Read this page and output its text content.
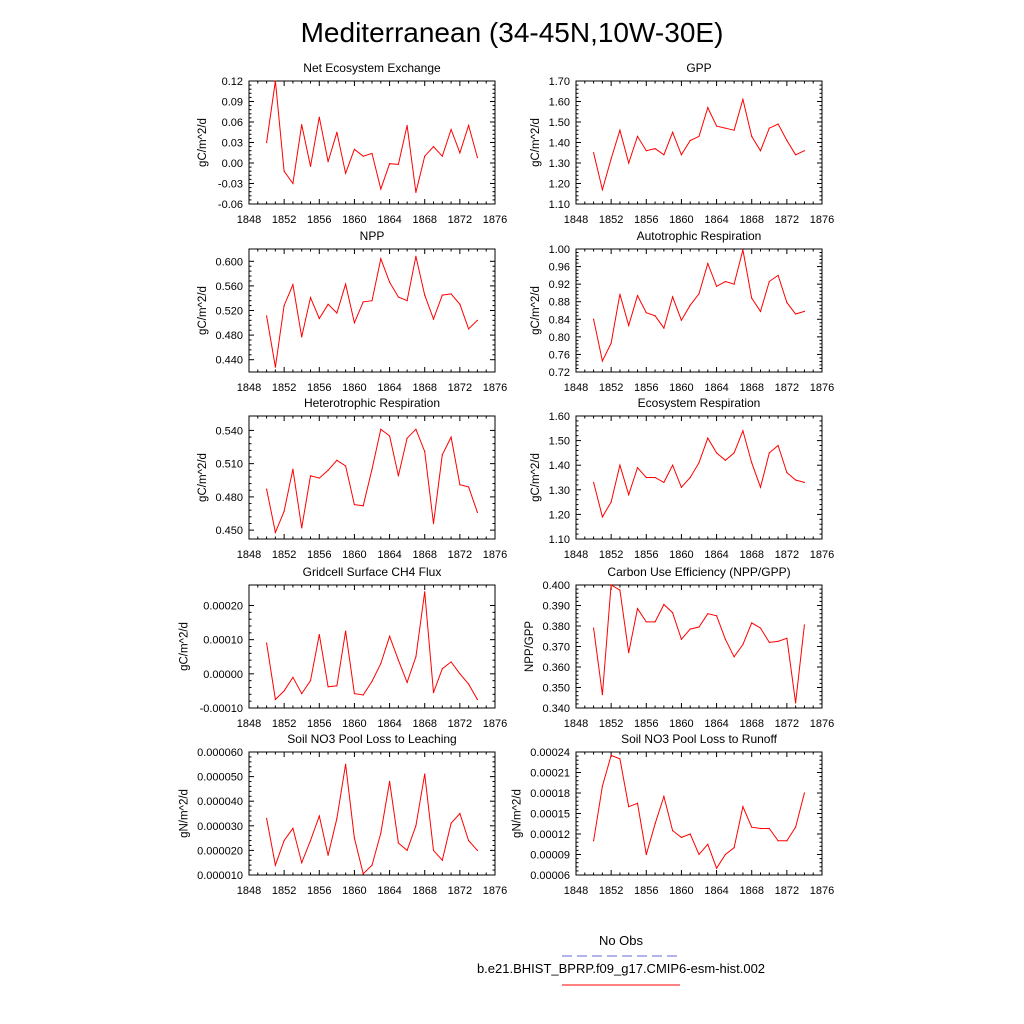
Mediterranean (34-45N,10W-30E)
Net Ecosystem Exchange
1848 1852 1856 1860 1864 1868 1872 1876
-0.06
-0.03
0.00
0.03
0.06
0.09
0.12
gC/m^2/d
GPP
1848 1852 1856 1860 1864 1868 1872 1876
1.10
1.20
1.30
1.40
1.50
1.60
1.70
gC/m^2/d
NPP
1848 1852 1856 1860 1864 1868 1872 1876
0.440
0.480
0.520
0.560
0.600
gC/m^2/d
Autotrophic Respiration
1848 1852 1856 1860 1864 1868 1872 1876
0.72
0.76
0.80
0.84
0.88
0.92
0.96
1.00
gC/m^2/d
Heterotrophic Respiration
1848 1852 1856 1860 1864 1868 1872 1876
0.450
0.480
0.510
0.540
gC/m^2/d
Ecosystem Respiration
1848 1852 1856 1860 1864 1868 1872 1876
1.10
1.20
1.30
1.40
1.50
1.60
gC/m^2/d
Gridcell Surface CH4 Flux
1848 1852 1856 1860 1864 1868 1872 1876
-0.00010
0.00000
0.00010
0.00020
gC/m^2/d
Carbon Use Efficiency (NPP/GPP)
1848 1852 1856 1860 1864 1868 1872 1876
0.340
0.350
0.360
0.370
0.380
0.390
0.400
NPP/GPP
Soil NO3 Pool Loss to Leaching
1848 1852 1856 1860 1864 1868 1872 1876
0.000010
0.000020
0.000030
0.000040
0.000050
0.000060
gN/m^2/d
Soil NO3 Pool Loss to Runoff
1848 1852 1856 1860 1864 1868 1872 1876
0.00006
0.00009
0.00012
0.00015
0.00018
0.00021
0.00024
gN/m^2/d
No Obs
b.e21.BHIST_BPRP.f09_g17.CMIP6-esm-hist.002
